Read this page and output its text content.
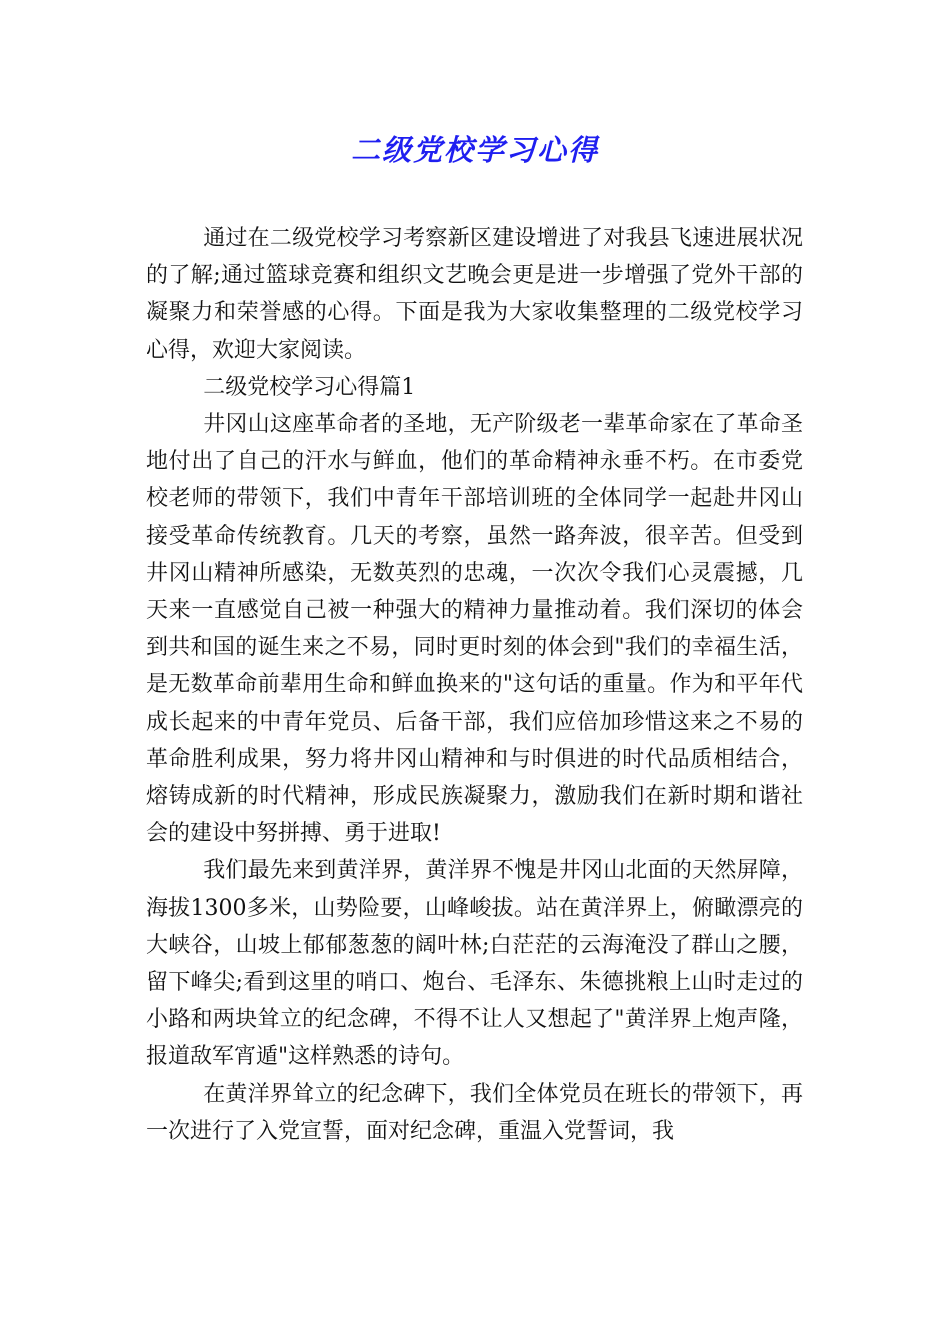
二级党校学习心得

通过在二级党校学习考察新区建设增进了对我县飞速进展状况的了解;通过篮球竞赛和组织文艺晚会更是进一步增强了党外干部的凝聚力和荣誉感的心得。下面是我为大家收集整理的二级党校学习心得，欢迎大家阅读。

二级党校学习心得篇1

井冈山这座革命者的圣地，无产阶级老一辈革命家在了革命圣地付出了自己的汗水与鲜血，他们的革命精神永垂不朽。在市委党校老师的带领下，我们中青年干部培训班的全体同学一起赴井冈山接受革命传统教育。几天的考察，虽然一路奔波，很辛苦。但受到井冈山精神所感染，无数英烈的忠魂，一次次令我们心灵震撼，几天来一直感觉自己被一种强大的精神力量推动着。我们深切的体会到共和国的诞生来之不易，同时更时刻的体会到"我们的幸福生活，是无数革命前辈用生命和鲜血换来的"这句话的重量。作为和平年代成长起来的中青年党员、后备干部，我们应倍加珍惜这来之不易的革命胜利成果，努力将井冈山精神和与时俱进的时代品质相结合，熔铸成新的时代精神，形成民族凝聚力，激励我们在新时期和谐社会的建设中努拼搏、勇于进取!

我们最先来到黄洋界，黄洋界不愧是井冈山北面的天然屏障，海拔1300多米，山势险要，山峰峻拔。站在黄洋界上，俯瞰漂亮的大峡谷，山坡上郁郁葱葱的阔叶林;白茫茫的云海淹没了群山之腰，留下峰尖;看到这里的哨口、炮台、毛泽东、朱德挑粮上山时走过的小路和两块耸立的纪念碑，不得不让人又想起了"黄洋界上炮声隆，报道敌军宵遁"这样熟悉的诗句。

在黄洋界耸立的纪念碑下，我们全体党员在班长的带领下，再一次进行了入党宣誓，面对纪念碑，重温入党誓词，我
